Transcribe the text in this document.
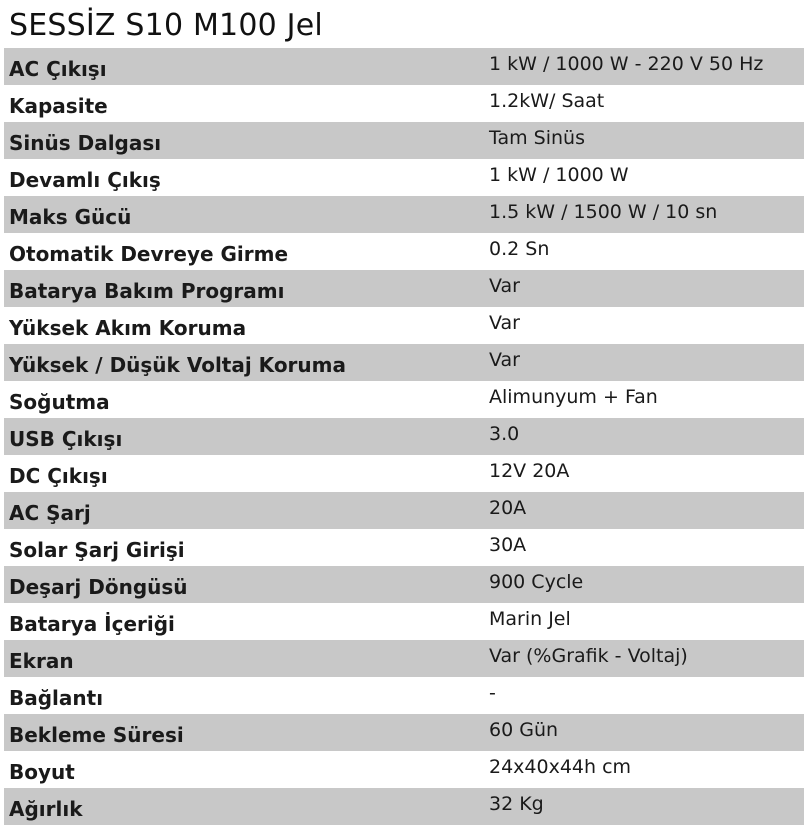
SESSİZ S10 M100 Jel
AC Çıkışı	1 kW / 1000 W - 220 V 50 Hz
Kapasite	1.2kW/ Saat
Sinüs Dalgası	Tam Sinüs
Devamlı Çıkış	1 kW / 1000 W
Maks Gücü	1.5 kW / 1500 W / 10 sn
Otomatik Devreye Girme	0.2 Sn
Batarya Bakım Programı	Var
Yüksek Akım Koruma	Var
Yüksek / Düşük Voltaj Koruma	Var
Soğutma	Alimunyum + Fan
USB Çıkışı	3.0
DC Çıkışı	12V 20A
AC Şarj	20A
Solar Şarj Girişi	30A
Deşarj Döngüsü	900 Cycle
Batarya İçeriği	Marin Jel
Ekran	Var (%Grafik - Voltaj)
Bağlantı	-
Bekleme Süresi	60 Gün
Boyut	24x40x44h cm
Ağırlık	32 Kg
